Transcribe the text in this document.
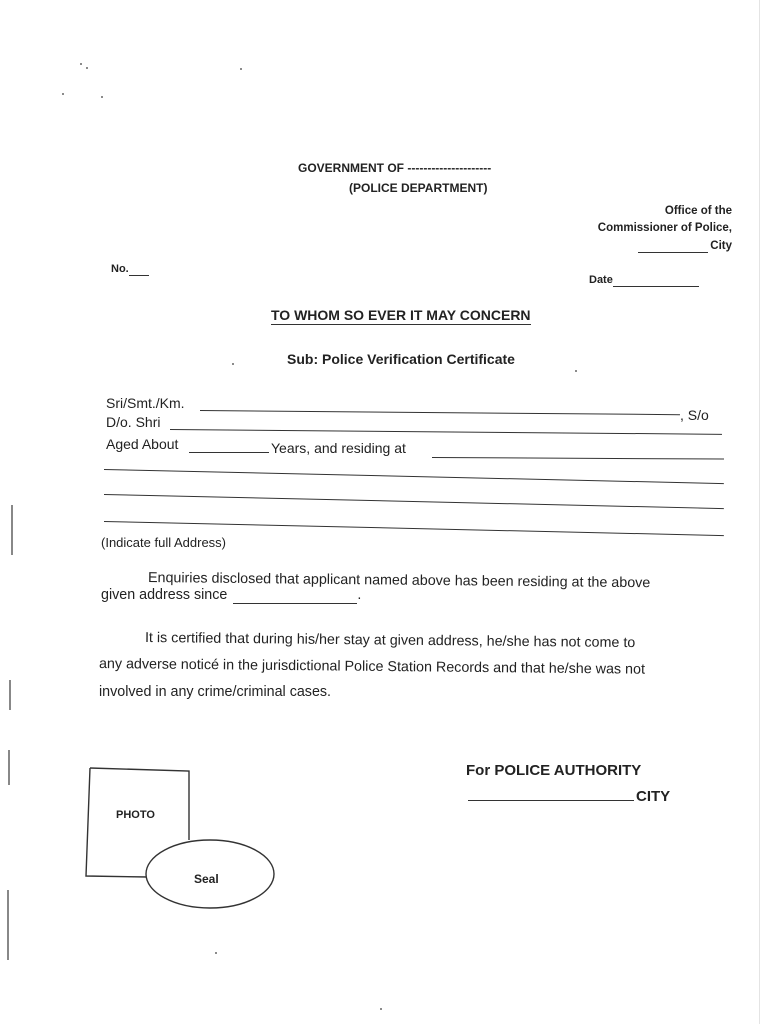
GOVERNMENT OF ---------------------
(POLICE DEPARTMENT)
Office of the
Commissioner of Police,
City
No.
Date
TO WHOM SO EVER IT MAY CONCERN
Sub: Police Verification Certificate
Sri/Smt./Km.
, S/o
D/o. Shri
Aged About	Years, and residing at
(Indicate full Address)
Enquiries disclosed that applicant named above has been residing at the above
given address since	.
It is certified that during his/her stay at given address, he/she has not come to
any adverse noticé in the jurisdictional Police Station Records and that he/she was not
involved in any crime/criminal cases.
For POLICE AUTHORITY
CITY
PHOTO
Seal
